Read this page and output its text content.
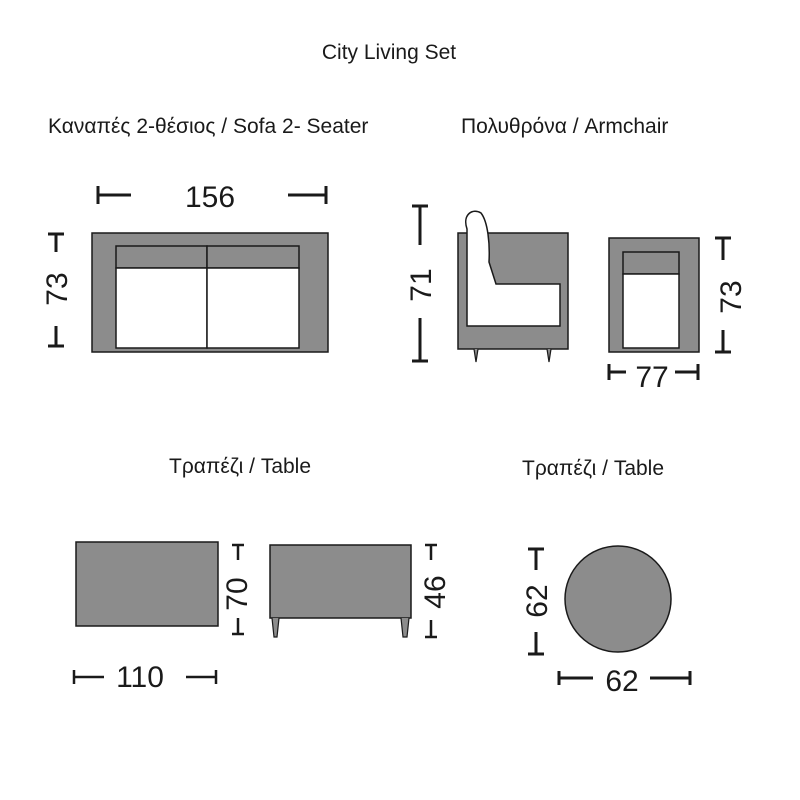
City Living Set
Καναπές 2-θέσιος / Sofa 2- Seater	Πολυθρόνα / Armchair
Τραπέζι / Table	Τραπέζι / Table
156
73	71	73
77
70
110
46 62
62
